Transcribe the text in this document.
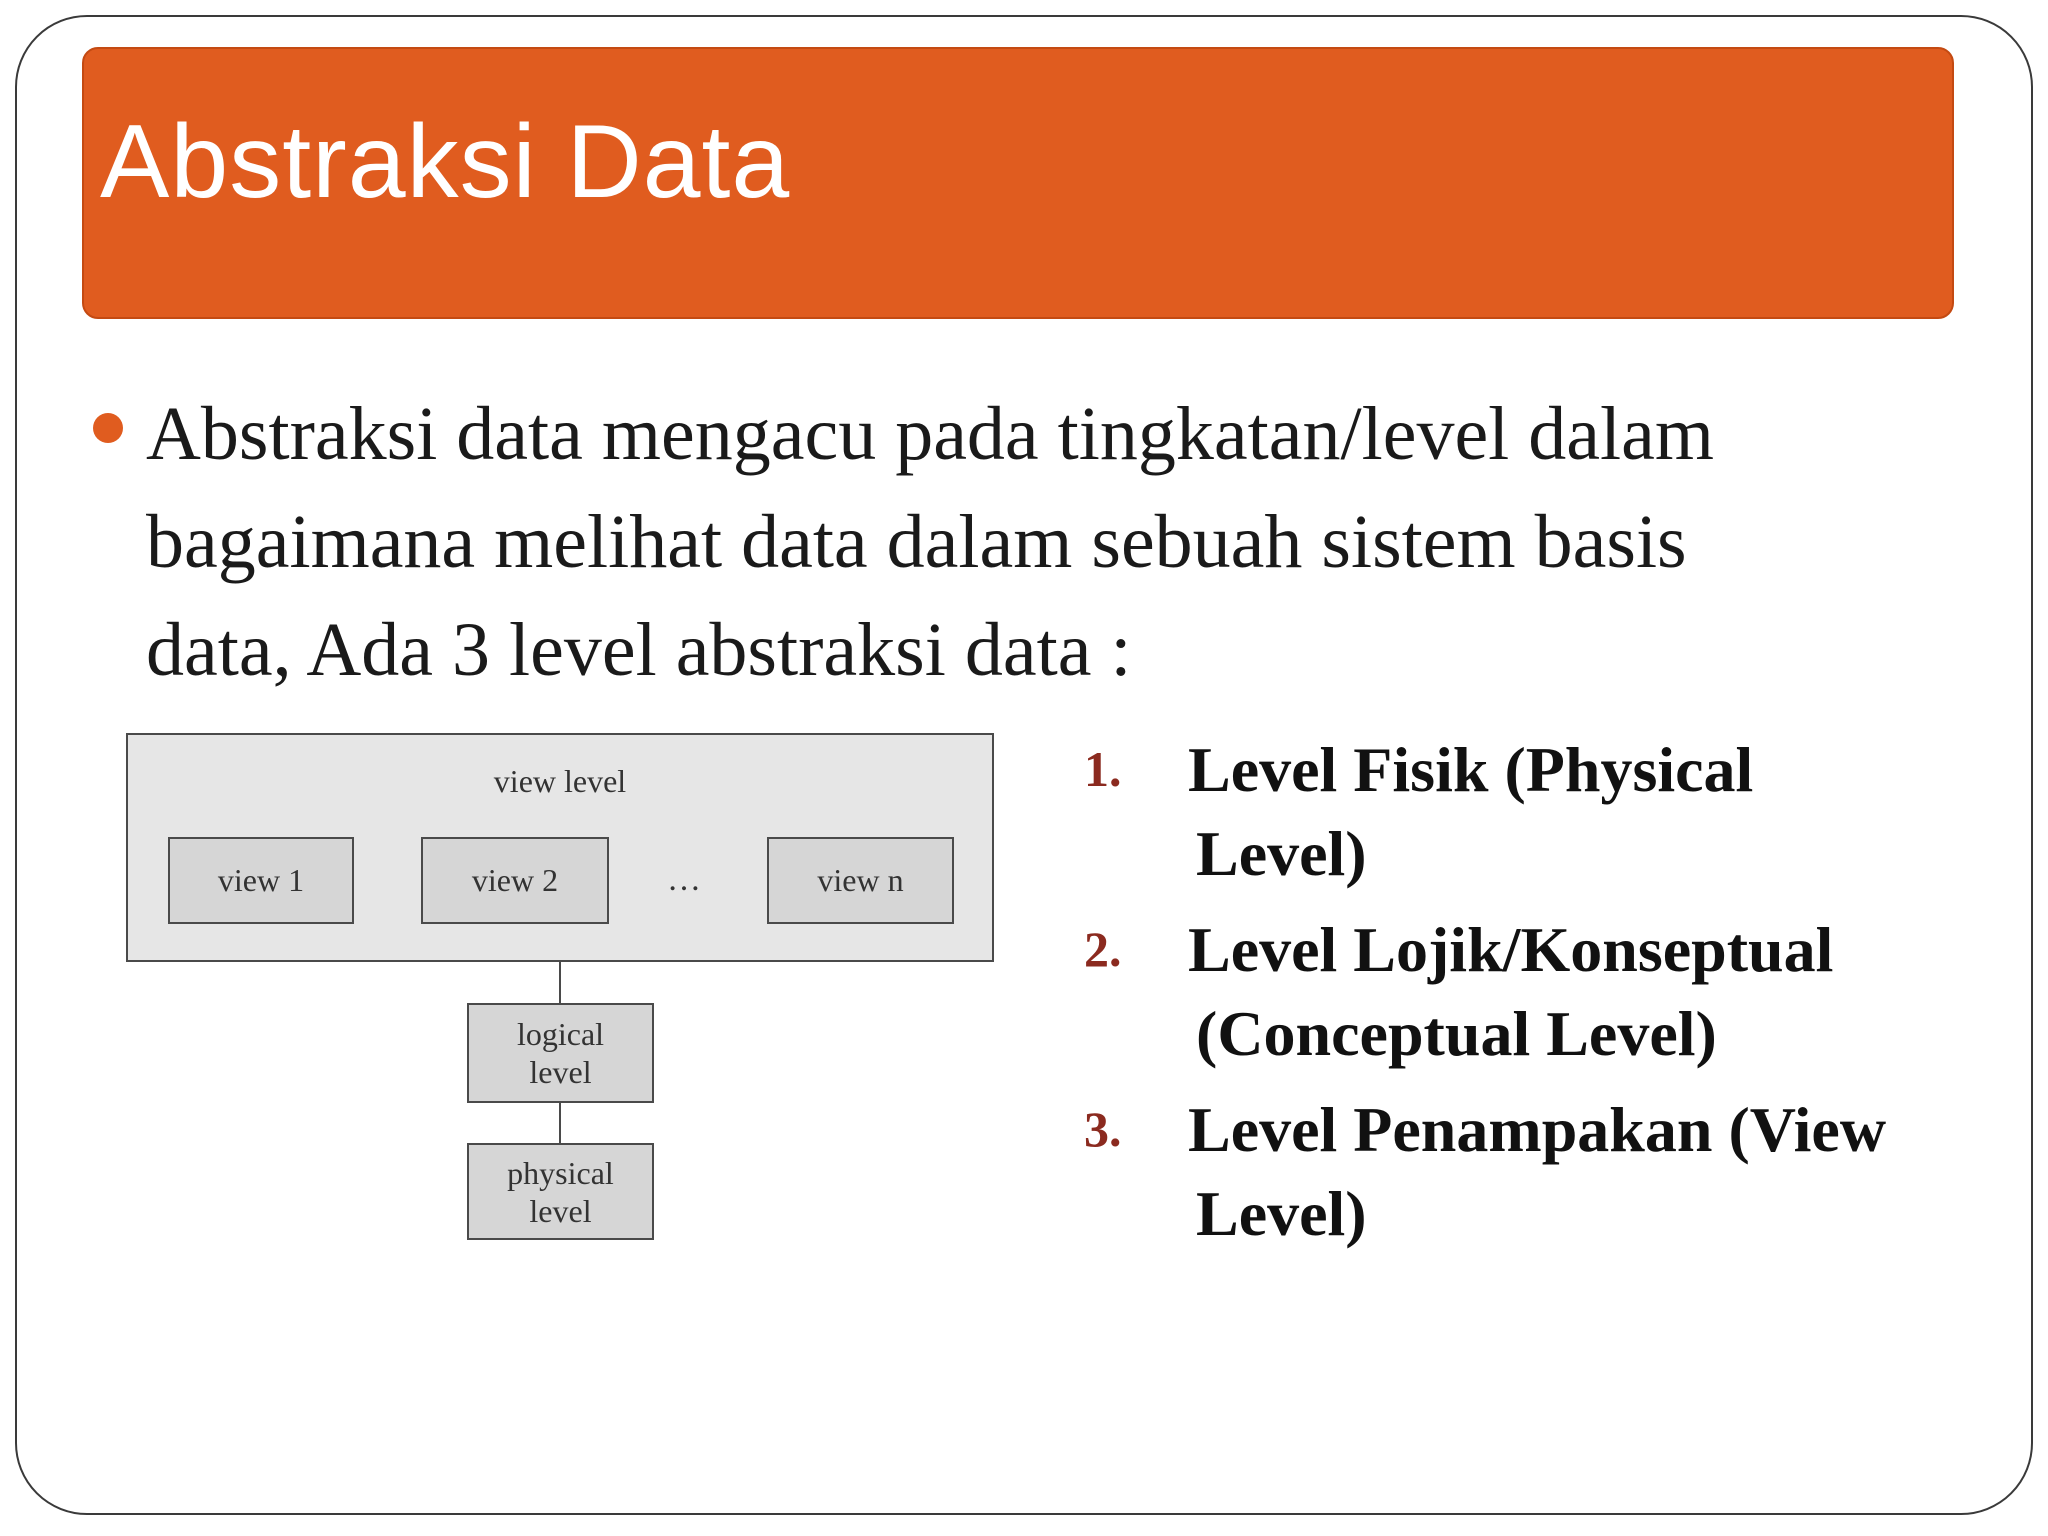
Abstraksi Data
Abstraksi data mengacu pada tingkatan/level dalam
bagaimana melihat data dalam sebuah sistem basis
data, Ada 3 level abstraksi data :
view level
view 1	view 2	…	view n
logical
level
physical
level
1. Level Fisik (Physical
Level)
2. Level Lojik/Konseptual
(Conceptual Level)
3. Level Penampakan (View
Level)
